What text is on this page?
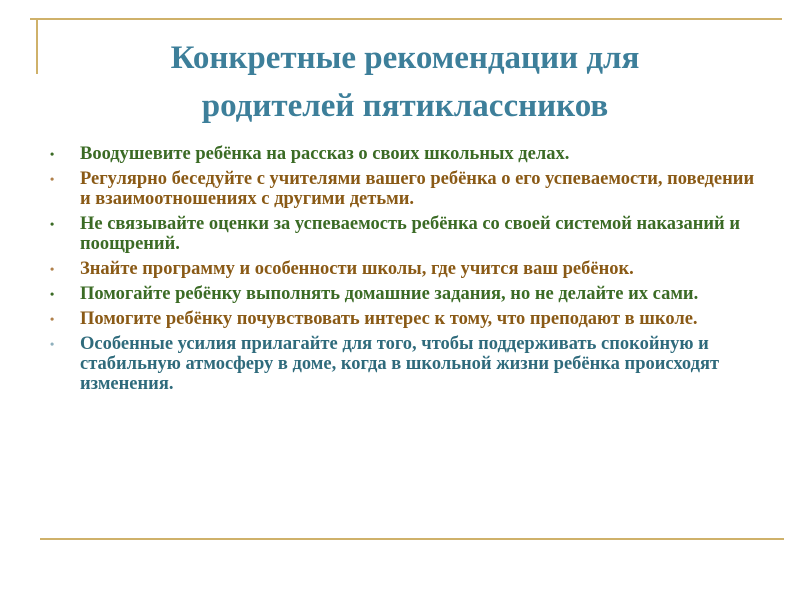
Конкретные рекомендации для
родителей пятиклассников
• Воодушевите ребёнка на рассказ о своих школьных делах.
• Регулярно беседуйте с учителями вашего ребёнка о его успеваемости, поведении и взаимоотношениях с другими детьми.
• Не связывайте оценки за успеваемость ребёнка со своей системой наказаний и поощрений.
• Знайте программу и особенности школы, где учится ваш ребёнок.
• Помогайте ребёнку выполнять домашние задания, но не делайте их сами.
• Помогите ребёнку почувствовать интерес к тому, что преподают в школе.
• Особенные усилия прилагайте для того, чтобы поддерживать спокойную и стабильную атмосферу в доме, когда в школьной жизни ребёнка происходят изменения.
